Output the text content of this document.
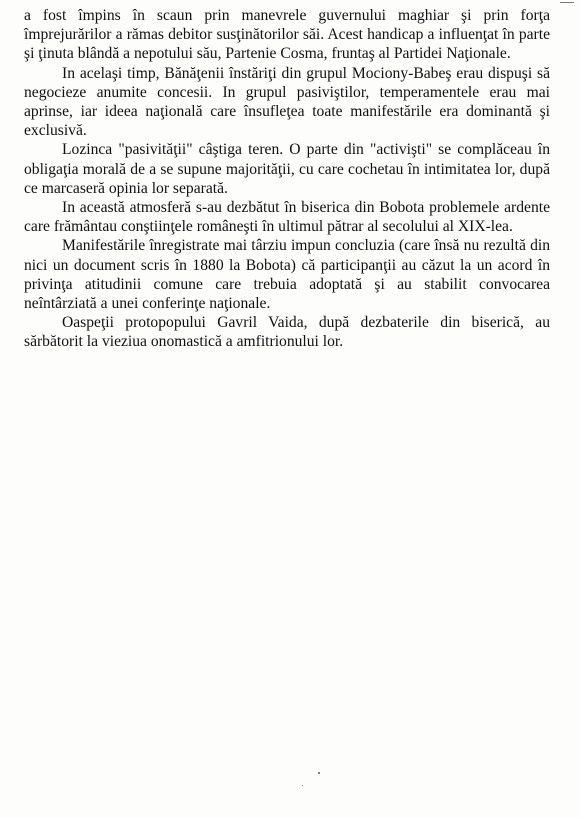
a fost împins în scaun prin manevrele guvernului maghiar şi prin forţa împrejurărilor a rămas debitor susţinătorilor săi. Acest handicap a influenţat în parte şi ţinuta blândă a nepotului său, Partenie Cosma, fruntaş al Partidei Naţionale.

In acelaşi timp, Bănăţenii înstăriţi din grupul Mociony-Babeş erau dispuşi să negocieze anumite concesii. In grupul pasiviştilor, temperamentele erau mai aprinse, iar ideea naţională care însufleţea toate manifestările era dominantă şi exclusivă.

Lozinca "pasivităţii" câştiga teren. O parte din "activişti" se complăceau în obligaţia morală de a se supune majorităţii, cu care cochetau în intimitatea lor, după ce marcaseră opinia lor separată.

In această atmosferă s-au dezbătut în biserica din Bobota problemele ardente care frământau conştiinţele româneşti în ultimul pătrar al secolului al XIX-lea.

Manifestările înregistrate mai târziu impun concluzia (care însă nu rezultă din nici un document scris în 1880 la Bobota) că participanţii au căzut la un acord în privinţa atitudinii comune care trebuia adoptată şi au stabilit convocarea neîntârziată a unei conferinţe naţionale.

Oaspeţii protopopului Gavril Vaida, după dezbaterile din biserică, au sărbătorit la vieziua onomastică a amfitrionului lor.
